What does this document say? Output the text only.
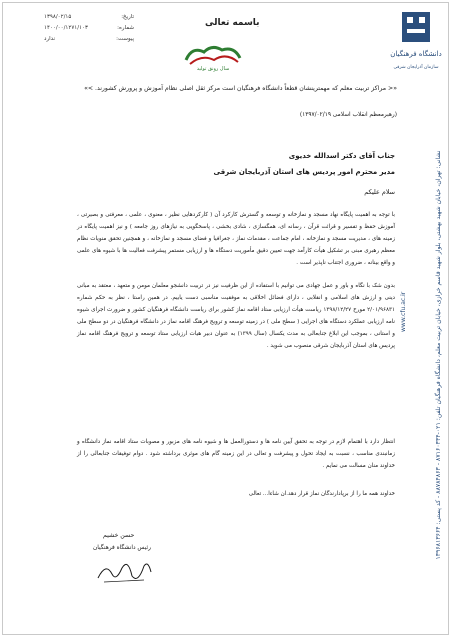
تاریخ:
۱۳۹۸/۰۲/۱۵
شماره:
۱۴۰۰/۰۰/۱۲۷۱/۱۰۳
پیوست:
ندارد
باسمه تعالی
سال رونق تولید
دانشگاه فرهنگیان
سازمان آذرایجان شرقی
نشانی: تهران، خیابان شهید بهشتی، بلوار شهید قاسم خرازی، خیابان تربیت معلم، دانشگاه فرهنگیان تلفن: ۰۲۱-۸۷۱۶۰۳۳۴ - ۸۸۷۸۴۸۶۳ - کد پستی: ۱۳۹۶۸۱۳۶۶۴
www.cfu.ac.ir
«< مراکز تربیت معلم که مهمترینشان قطعاً دانشگاه فرهنگیان است مرکز ثقل اصلی نظام آموزش و پرورش کشورند. >»
(رهبرمعظم انقلاب اسلامی ۱۳۹۷/۰۲/۱۹)
جناب آقای دکتر اسدالله خدیوی
مدیر محترم امور پردیس های استان آذربایجان شرقی
سلام علیکم
با توجه به اهمیت پایگاه نهاد مسجد و نمازخانه و توسعه و گسترش کارکرد آن ( کارکردهایی نظیر ، معنوی ، علمی ، معرفتی و بصیرتی ، آموزش حفظ و تفسیر و قرائت قرآن ، رسانه ای، همگسازی ، شادی بخشی ، پاسخگویی به نیازهای روز جامعه ) و نیز اهمیت پایگاه در زمینه های ، مدیریت مسجد و نمازخانه ، امام جماعت ، مقدمات نماز ، جغرافیا و فضای مسجد و نمازخانه ، و همچنین تحقق منویات نظام معظم رهبری مبنی بر تشکیل هیأت کارآمد جهت تعیین دقیق مأموریت دستگاه ها و ارزیابی مستمر پیشرفت فعالیت ها با شیوه های علمی و واقع بینانه ، ضروری اجتناب ناپذیر است .
بدون شک با نگاه و باور و عمل جهادی می توانیم با استفاده از این ظرفیت نیز در تربیت دانشجو معلمان مومن و متعهد ، معتقد به مبانی دینی و ارزش های اسلامی و انقلابی ، دارای فضائل اخلاقی به موفقیت مناسبی دست یابیم. در همین راستا ، نظر به حکم شماره ۲/۰۱/۹۶۸۳۱ مورخ ۱۳۹۸/۱۲/۲۷ ریاست هیأت ارزیابی ستاد اقامه نماز کشور برای ریاست دانشگاه فرهنگیان کشور و ضرورت اجرای شیوه نامه ارزیابی عملکرد دستگاه های اجرایی ( سطح ملی ) در زمینه توسعه و ترویج فرهنگ اقامه نماز در دانشگاه فرهنگیان در دو سطح ملی و استانی ، بموجب این ابلاغ جنابعالی به مدت یکسال (سال ۱۳۹۹) به عنوان دبیر هیات ارزیابی ستاد توسعه و ترویج فرهنگ اقامه نماز پردیس های استان آذربایجان شرقی منصوب می شوید .
انتظار دارد با اهتمام لازم در توجه به تحقق آیین نامه ها و دستورالعمل ها و شیوه نامه های مزبور و مصوبات ستاد اقامه نماز دانشگاه و زمانبندی مناسب ، نسبت به ایجاد تحول و پیشرفت و تعالی در این زمینه گام های موثری برداشته شود . دوام توفیقات جنابعالی را از خداوند منان مسالت می نمایم .
خداوند همه ما را از برپادارندگان نماز قرار دهد.ان شاءا... تعالی
حسن خشیم
رئیس دانشگاه فرهنگیان
